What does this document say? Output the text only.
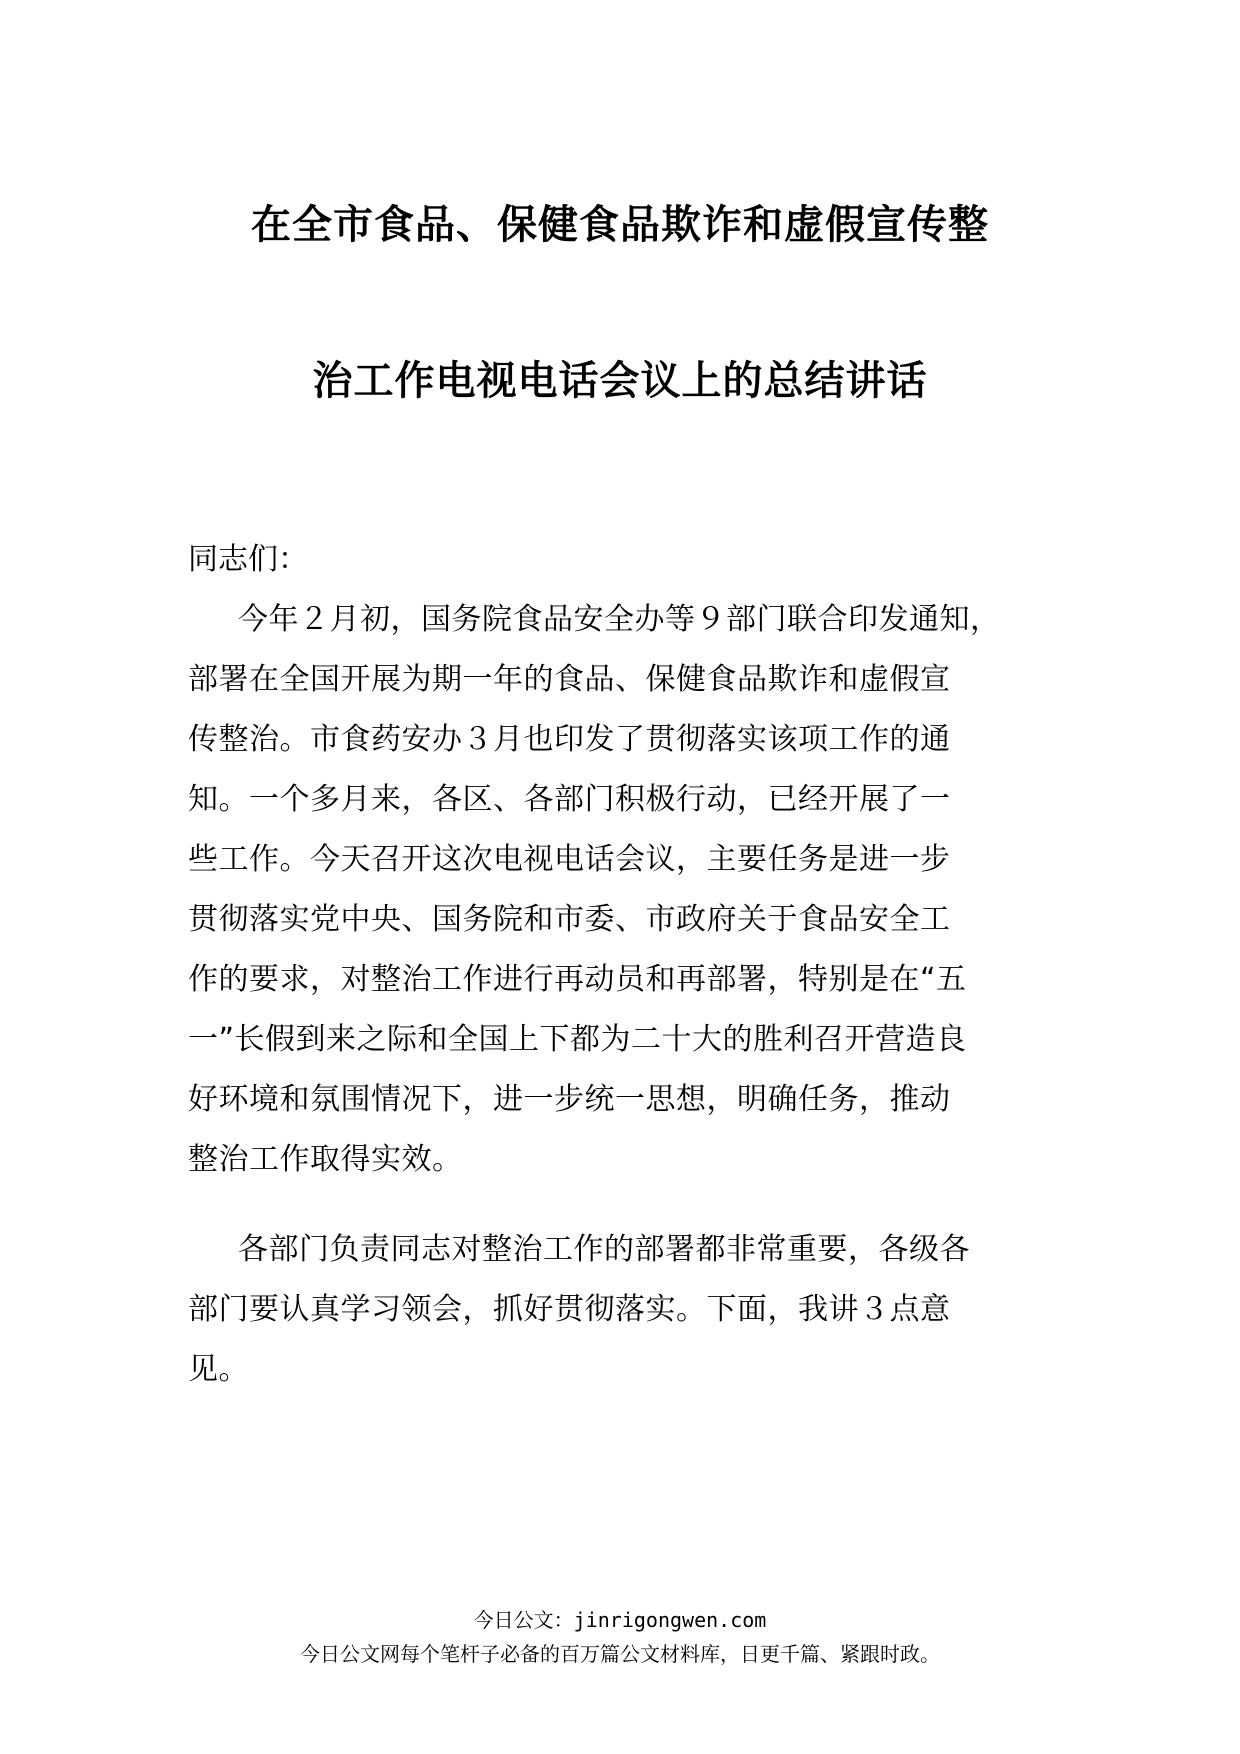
在全市食品、保健食品欺诈和虚假宣传整
治工作电视电话会议上的总结讲话
同志们：
今年２月初，国务院食品安全办等９部门联合印发通知，
部署在全国开展为期一年的食品、保健食品欺诈和虚假宣
传整治。市食药安办３月也印发了贯彻落实该项工作的通
知。一个多月来，各区、各部门积极行动，已经开展了一
些工作。今天召开这次电视电话会议，主要任务是进一步
贯彻落实党中央、国务院和市委、市政府关于食品安全工
作的要求，对整治工作进行再动员和再部署，特别是在“五
一”长假到来之际和全国上下都为二十大的胜利召开营造良
好环境和氛围情况下，进一步统一思想，明确任务，推动
整治工作取得实效。
各部门负责同志对整治工作的部署都非常重要，各级各
部门要认真学习领会，抓好贯彻落实。下面，我讲３点意
见。
今日公文：jinrigongwen.com
今日公文网每个笔杆子必备的百万篇公文材料库，日更千篇、紧跟时政。
